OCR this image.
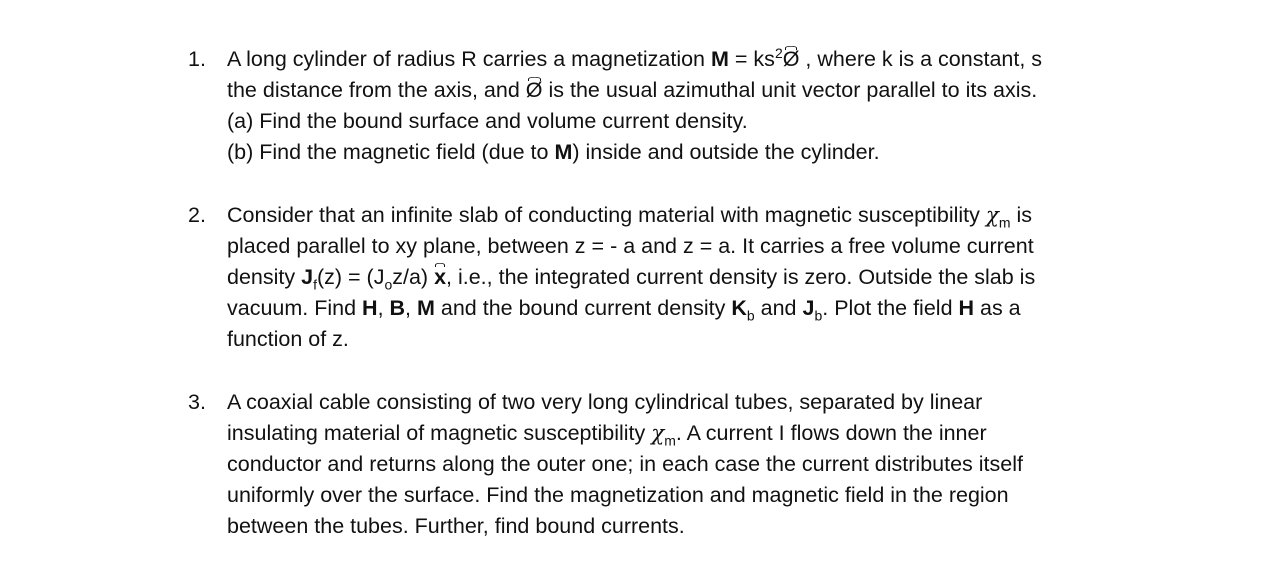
1. A long cylinder of radius R carries a magnetization $M = ks^2Ø$ , where k is a constant, s
the distance from the axis, and Ø is the usual azimuthal unit vector parallel to its axis.
(a) Find the bound surface and volume current density.
(b) Find the magnetic field (due to M) inside and outside the cylinder.
2. Consider that an infinite slab of conducting material with magnetic susceptibility $\chi_m$ is
placed parallel to xy plane, between z = - a and z = a. It carries a free volume current
density $J_f(z) = (J_oz/a)$ x, i.e., the integrated current density is zero. Outside the slab is
vacuum. Find H, B, M and the bound current density $K_b$ and $J_b$. Plot the field H as a
function of z.
3. A coaxial cable consisting of two very long cylindrical tubes, separated by linear
insulating material of magnetic susceptibility $\chi_m$. A current I flows down the inner
conductor and returns along the outer one; in each case the current distributes itself
uniformly over the surface. Find the magnetization and magnetic field in the region
between the tubes. Further, find bound currents.
